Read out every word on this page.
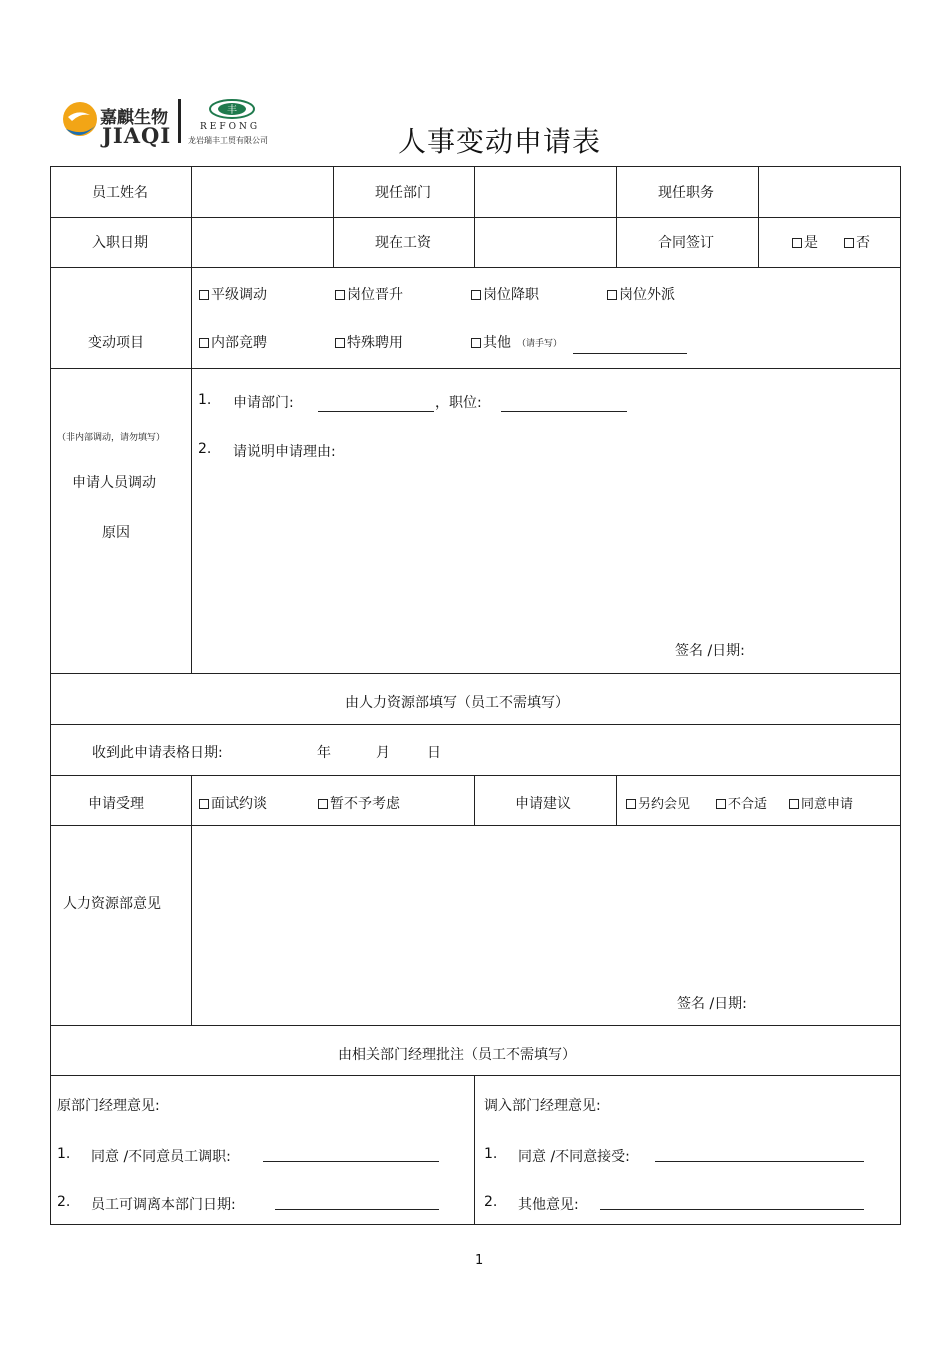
嘉麒生物
JIAQI
丰
REFONG
龙岩瑞丰工贸有限公司	人事变动申请表
员工姓名	现任部门	现任职务
入职日期	现在工资	合同签订	是	否
变动项目
平级调动	岗位晋升	岗位降职	岗位外派
内部竞聘	特殊聘用	其他 （请手写）
（非内部调动，请勿填写）
申请人员调动
原因
1. 申请部门:	，职位:
2. 请说明申请理由:
签名 /日期:
由人力资源部填写（员工不需填写）
收到此申请表格日期:	年	月	日
申请受理	面试约谈	暂不予考虑	申请建议	另约会见	不合适	同意申请
人力资源部意见
签名 /日期:
由相关部门经理批注（员工不需填写）
原部门经理意见:
1. 同意 /不同意员工调职:
2. 员工可调离本部门日期:
调入部门经理意见:
1. 同意 /不同意接受:
2. 其他意见:
1
